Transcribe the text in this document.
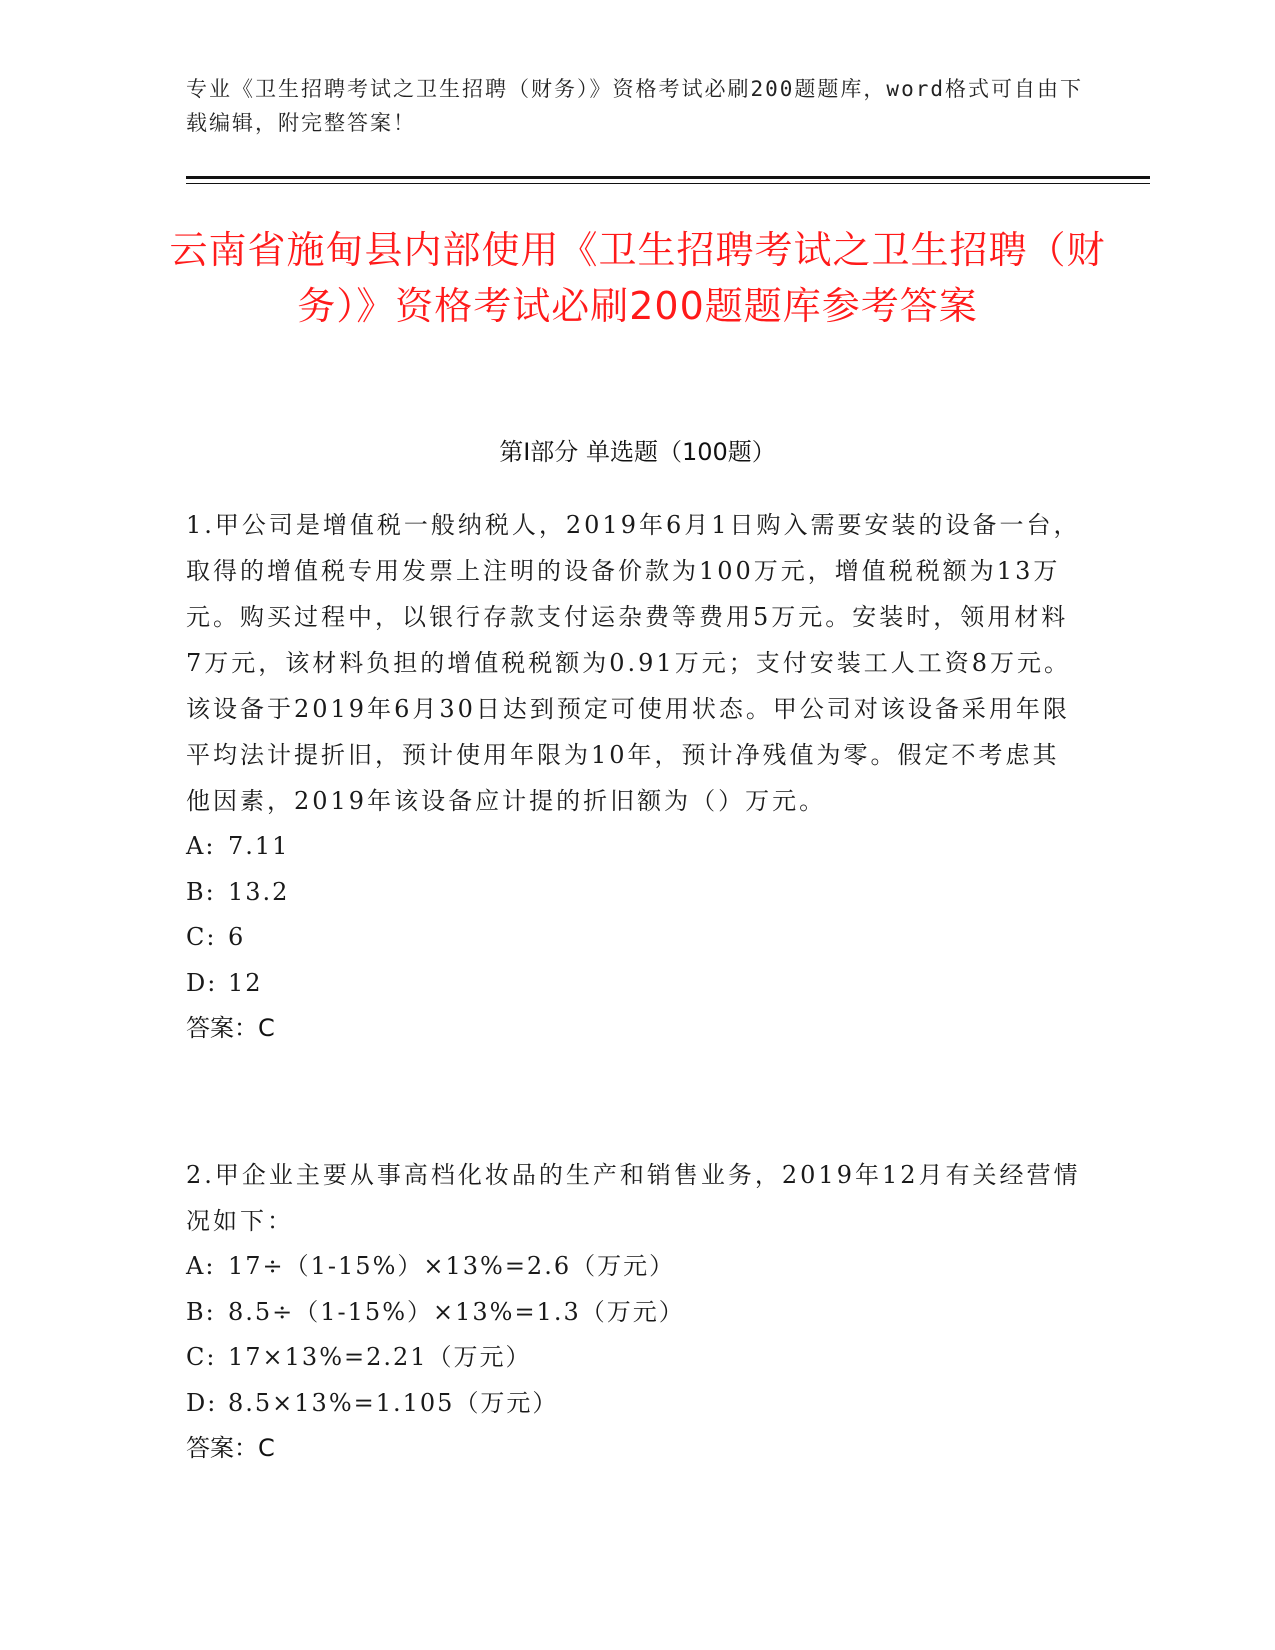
专业《卫生招聘考试之卫生招聘（财务）》资格考试必刷200题题库，word格式可自由下载编辑，附完整答案！
云南省施甸县内部使用《卫生招聘考试之卫生招聘（财务）》资格考试必刷200题题库参考答案
第Ⅰ部分 单选题（100题）

1.甲公司是增值税一般纳税人，2019年6月1日购入需要安装的设备一台，取得的增值税专用发票上注明的设备价款为100万元，增值税税额为13万元。购买过程中，以银行存款支付运杂费等费用5万元。安装时，领用材料7万元，该材料负担的增值税税额为0.91万元；支付安装工人工资8万元。该设备于2019年6月30日达到预定可使用状态。甲公司对该设备采用年限平均法计提折旧，预计使用年限为10年，预计净残值为零。假定不考虑其他因素，2019年该设备应计提的折旧额为（）万元。

A: 7.11

B: 13.2

C: 6

D: 12

答案：C

2.甲企业主要从事高档化妆品的生产和销售业务，2019年12月有关经营情况如下：

A: 17÷（1-15%）×13%=2.6（万元）

B: 8.5÷（1-15%）×13%=1.3（万元）

C: 17×13%=2.21（万元）

D: 8.5×13%=1.105（万元）

答案：C
